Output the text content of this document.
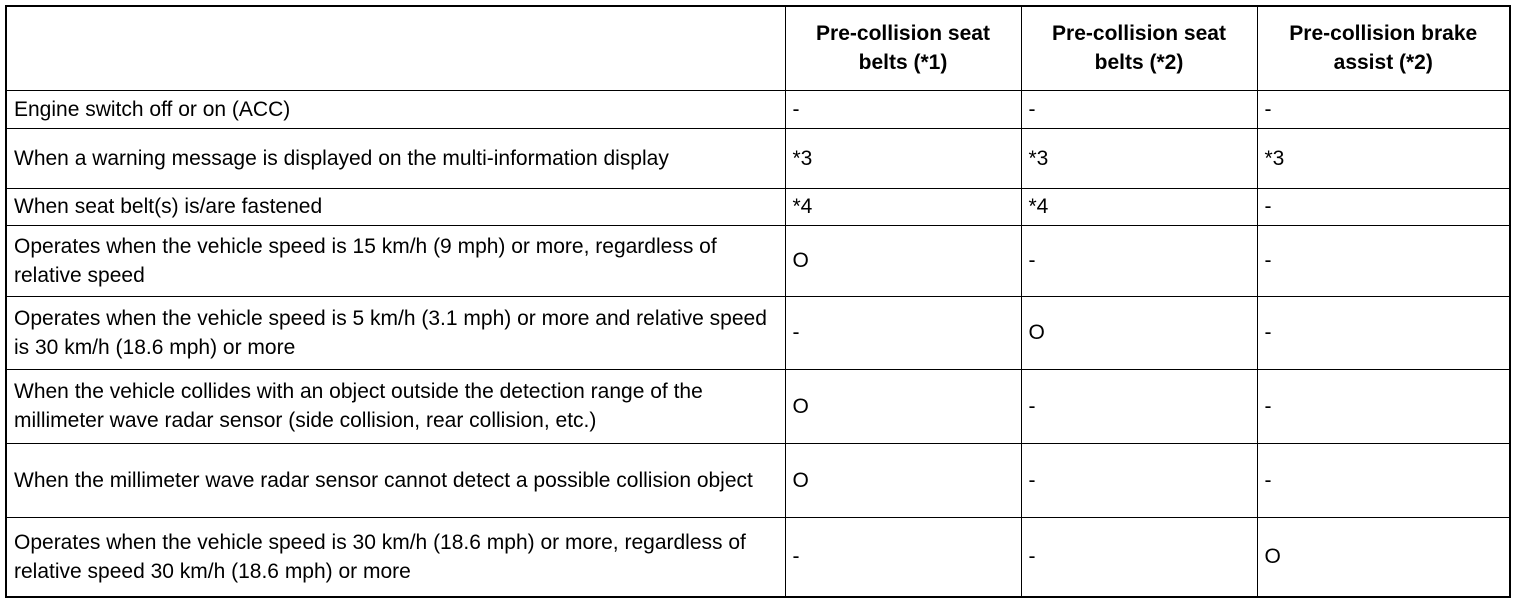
	Pre-collision seat belts (*1)	Pre-collision seat belts (*2)	Pre-collision brake assist (*2)
Engine switch off or on (ACC)	-	-	-
When a warning message is displayed on the multi-information display	*3	*3	*3
When seat belt(s) is/are fastened	*4	*4	-
Operates when the vehicle speed is 15 km/h (9 mph) or more, regardless of relative speed	O	-	-
Operates when the vehicle speed is 5 km/h (3.1 mph) or more and relative speed is 30 km/h (18.6 mph) or more	-	O	-
When the vehicle collides with an object outside the detection range of the millimeter wave radar sensor (side collision, rear collision, etc.)	O	-	-
When the millimeter wave radar sensor cannot detect a possible collision object	O	-	-
Operates when the vehicle speed is 30 km/h (18.6 mph) or more, regardless of relative speed 30 km/h (18.6 mph) or more	-	-	O
